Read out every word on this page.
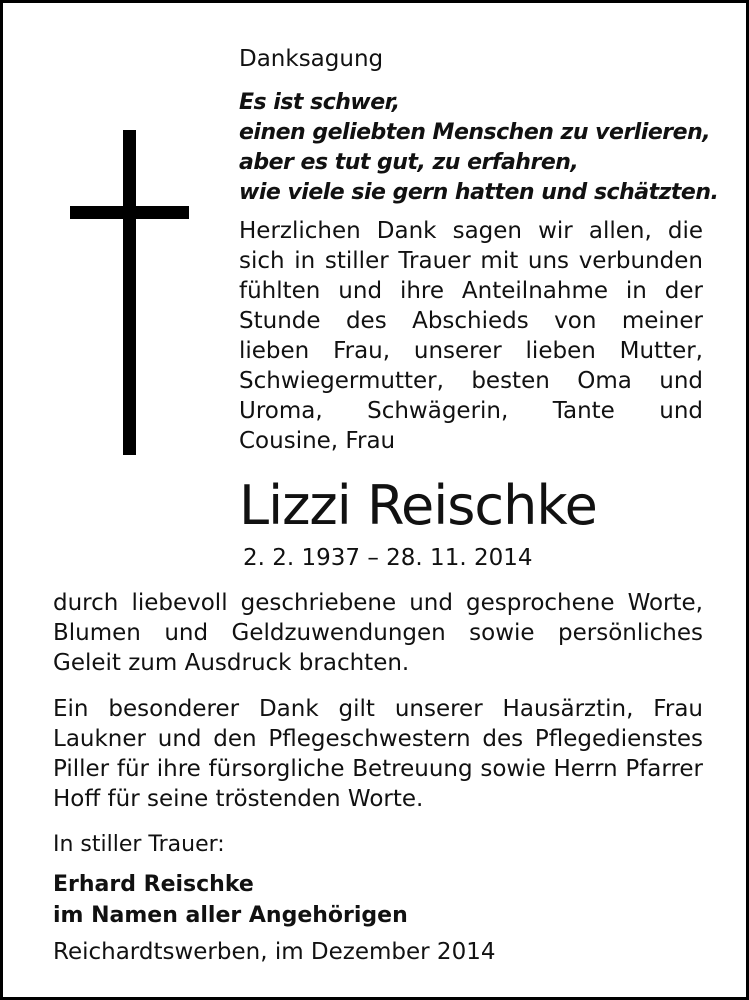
Danksagung
Es ist schwer,
einen geliebten Menschen zu verlieren,
aber es tut gut, zu erfahren,
wie viele sie gern hatten und schätzten.
Herzlichen Dank sagen wir allen, die
sich in stiller Trauer mit uns verbunden
fühlten und ihre Anteilnahme in der
Stunde des Abschieds von meiner
lieben Frau, unserer lieben Mutter,
Schwiegermutter, besten Oma und
Uroma, Schwägerin, Tante und
Cousine, Frau
Lizzi Reischke
2. 2. 1937 – 28. 11. 2014
durch liebevoll geschriebene und gesprochene Worte,
Blumen und Geldzuwendungen sowie persönliches
Geleit zum Ausdruck brachten.
Ein besonderer Dank gilt unserer Hausärztin, Frau
Laukner und den Pflegeschwestern des Pflegedienstes
Piller für ihre fürsorgliche Betreuung sowie Herrn Pfarrer
Hoff für seine tröstenden Worte.
In stiller Trauer:
Erhard Reischke
im Namen aller Angehörigen
Reichardtswerben, im Dezember 2014
